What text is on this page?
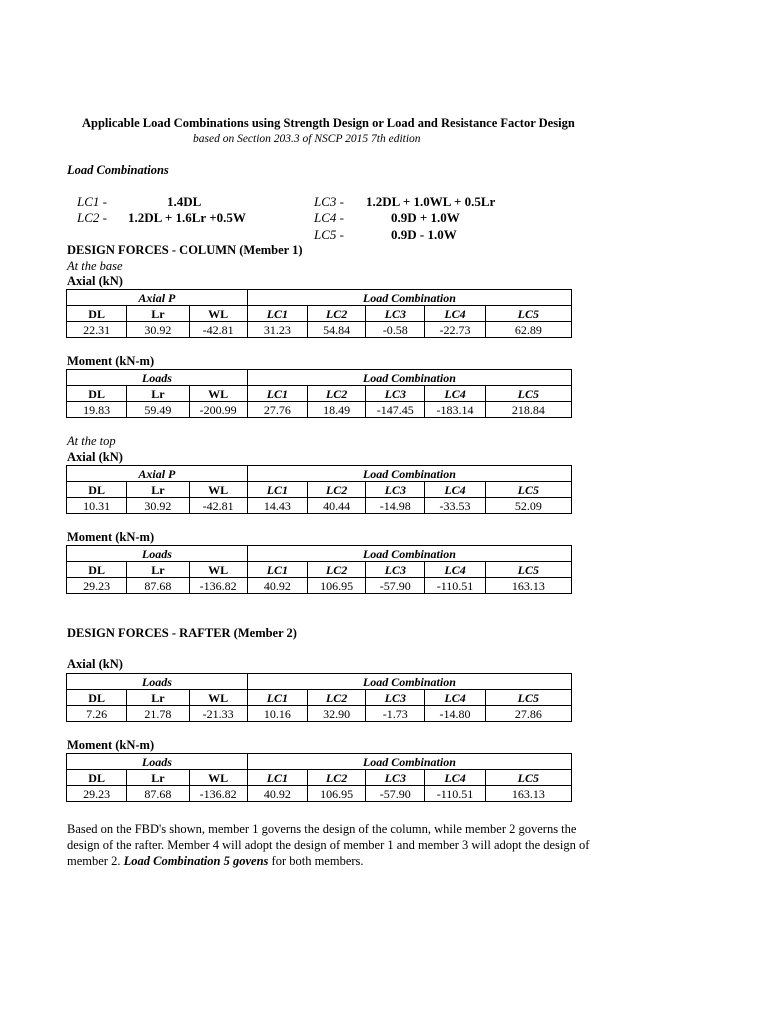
Applicable Load Combinations using Strength Design or Load and Resistance Factor Design
based on Section 203.3 of NSCP 2015 7th edition
Load Combinations
LC1 -	1.4DL
LC2 - 1.2DL + 1.6Lr +0.5W
LC3 - 1.2DL + 1.0WL + 0.5Lr
LC4 -	0.9D + 1.0W
LC5 -	0.9D - 1.0W
DESIGN FORCES - COLUMN (Member 1)
At the base
Axial (kN)
Axial P			Load Combination				
DL	Lr	WL	LC1	LC2	LC3	LC4	LC5
22.31	30.92	-42.81	31.23	54.84	-0.58	-22.73	62.89
Moment (kN-m)
Loads			Load Combination				
DL	Lr	WL	LC1	LC2	LC3	LC4	LC5
19.83	59.49	-200.99	27.76	18.49	-147.45	-183.14	218.84
At the top
Axial (kN)
Axial P			Load Combination				
DL	Lr	WL	LC1	LC2	LC3	LC4	LC5
10.31	30.92	-42.81	14.43	40.44	-14.98	-33.53	52.09
Moment (kN-m)
Loads			Load Combination				
DL	Lr	WL	LC1	LC2	LC3	LC4	LC5
29.23	87.68	-136.82	40.92	106.95	-57.90	-110.51	163.13
DESIGN FORCES - RAFTER (Member 2)
Axial (kN)
Loads			Load Combination				
DL	Lr	WL	LC1	LC2	LC3	LC4	LC5
7.26	21.78	-21.33	10.16	32.90	-1.73	-14.80	27.86
Moment (kN-m)
Loads			Load Combination				
DL	Lr	WL	LC1	LC2	LC3	LC4	LC5
29.23	87.68	-136.82	40.92	106.95	-57.90	-110.51	163.13
Based on the FBD's shown, member 1 governs the design of the column, while member 2 governs the design of the rafter. Member 4 will adopt the design of member 1 and member 3 will adopt the design of member 2. Load Combination 5 govens for both members.
